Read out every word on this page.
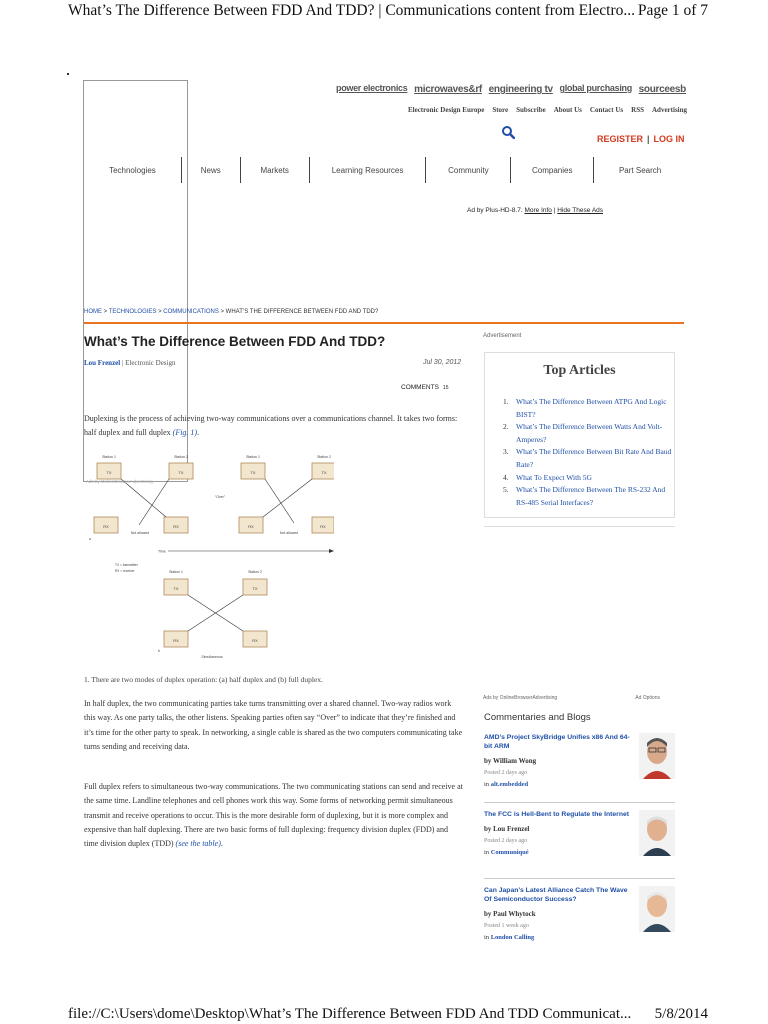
What’s The Difference Between FDD And TDD? | Communications content from Electro... Page 1 of 7
power electronics microwaves&rf engineering tv global purchasing sourceesb
Electronic Design Europe Store Subscribe About Us Contact Us RSS Advertising
REGISTER | LOG IN
Technologies	News	Markets	Learning Resources	Community	Companies	Part Search
Ad by Plus-HD-8.7. More Info | Hide These Ads
HOME > TECHNOLOGIES > COMMUNICATIONS > WHAT’S THE DIFFERENCE BETWEEN FDD AND TDD?
What’s The Difference Between FDD And TDD?
Lou Frenzel | Electronic Design	Jul 30, 2012
COMMENTS 15

Duplexing is the process of achieving two-way communications over a communications channel. It takes two forms: half duplex and full duplex (Fig. 1).

TX	TX
RX	RX
Station 1	Station 2
Not allowed
a
TX	TX
RX	RX
Station 1	Station 2
“Over”
Not allowed
Time
TX = transmitter
RX = receiver	Station 1	Station 2
TX	TX
RX	RX
Simultaneous
b
Ads by OnlineBrowserAdvertising

1. There are two modes of duplex operation: (a) half duplex and (b) full duplex.

In half duplex, the two communicating parties take turns transmitting over a shared channel. Two-way radios work this way. As one party talks, the other listens. Speaking parties often say “Over” to indicate that they’re finished and it’s time for the other party to speak. In networking, a single cable is shared as the two computers communicating take turns sending and receiving data.

Full duplex refers to simultaneous two-way communications. The two communicating stations can send and receive at the same time. Landline telephones and cell phones work this way. Some forms of networking permit simultaneous transmit and receive operations to occur. This is the more desirable form of duplexing, but it is more complex and expensive than half duplexing. There are two basic forms of full duplexing: frequency division duplex (FDD) and time division duplex (TDD) (see the table).

Advertisement
Top Articles
1. What’s The Difference Between ATPG And Logic BIST?
2. What’s The Difference Between Watts And Volt-Amperes?
3. What’s The Difference Between Bit Rate And Baud Rate?
4. What To Expect With 5G
5. What’s The Difference Between The RS-232 And RS-485 Serial Interfaces?
Ads by OnlineBrowserAdvertising	Ad Options
Commentaries and Blogs
AMD’s Project SkyBridge Unifies x86 And 64-bit ARM
by William Wong
Posted 2 days ago
in alt.embedded
The FCC is Hell-Bent to Regulate the Internet
by Lou Frenzel
Posted 2 days ago
in Communiqué
Can Japan’s Latest Alliance Catch The Wave Of Semiconductor Success?
by Paul Whytock
Posted 1 week ago
in London Calling
file://C:\Users\dome\Desktop\What’s The Difference Between FDD And TDD Communicat... 5/8/2014
